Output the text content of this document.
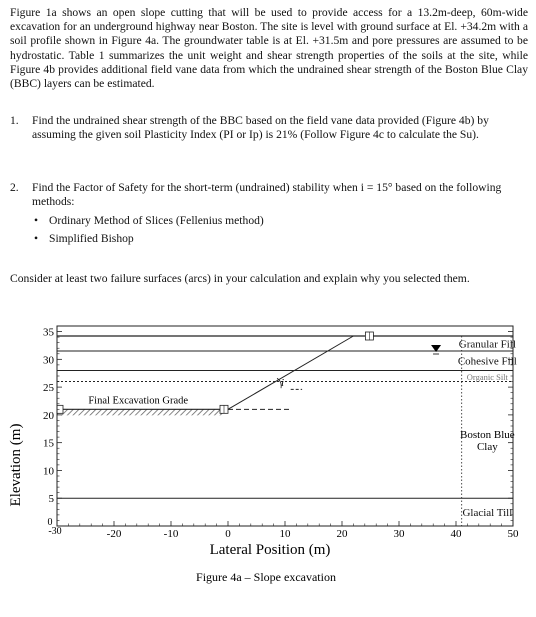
Figure 1a shows an open slope cutting that will be used to provide access for a 13.2m-deep, 60m-wide excavation for an underground highway near Boston. The site is level with ground surface at El. +34.2m with a soil profile shown in Figure 4a. The groundwater table is at El. +31.5m and pore pressures are assumed to be hydrostatic. Table 1 summarizes the unit weight and shear strength properties of the soils at the site, while Figure 4b provides additional field vane data from which the undrained shear strength of the Boston Blue Clay (BBC) layers can be estimated.

1. Find the undrained shear strength of the BBC based on the field vane data provided (Figure 4b) by assuming the given soil Plasticity Index (PI or Ip) is 21% (Follow Figure 4c to calculate the Su).
2. Find the Factor of Safety for the short-term (undrained) stability when i = 15° based on the following methods:
• Ordinary Method of Slices (Fellenius method)
• Simplified Bishop
Consider at least two failure surfaces (arcs) in your calculation and explain why you selected them.
Granular Fill
Cohesive Fill
Organic Silt
Boston Blue Clay
Glacial Till
Final Excavation Grade
i
-20	-10	0	10	20	30	40	50
5
10
15
20
25
30
35
0
-30
Elevation (m)
Lateral Position (m)
Figure 4a – Slope excavation
